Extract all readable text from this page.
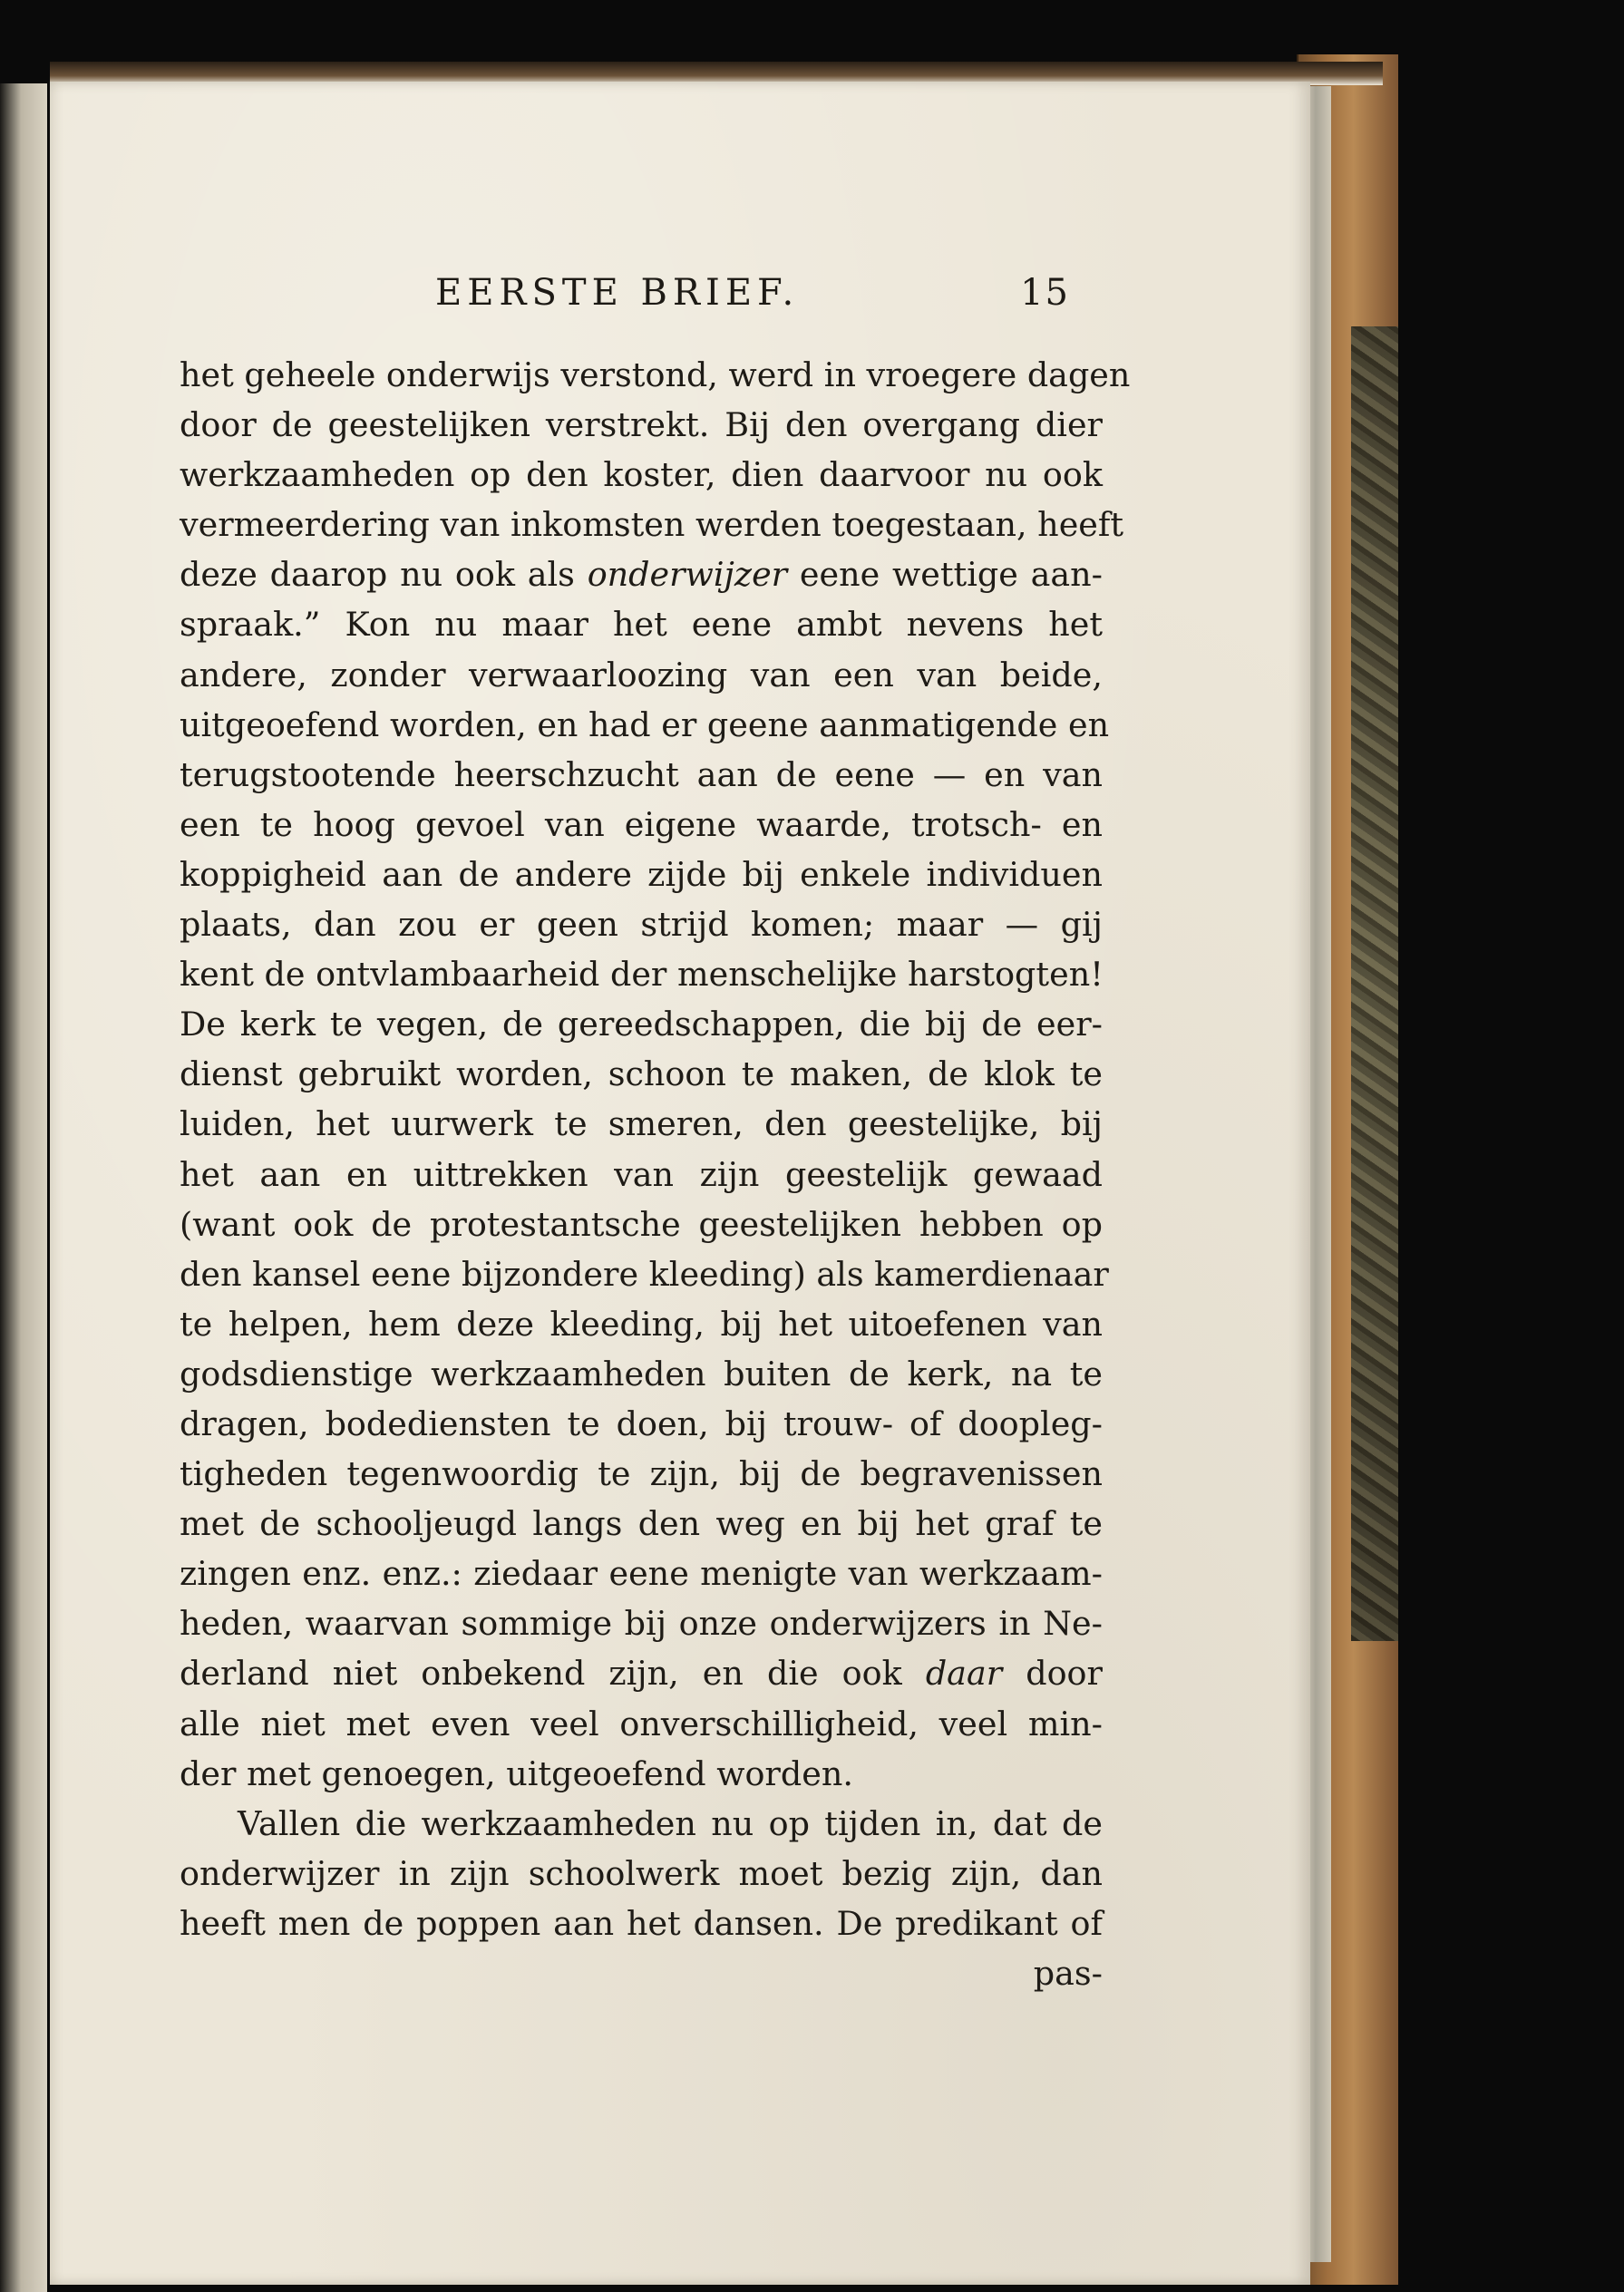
EERSTE BRIEF.	15
het geheele onderwijs verstond, werd in vroegere dagen
door de geestelijken verstrekt. Bij den overgang dier
werkzaamheden op den koster, dien daarvoor nu ook
vermeerdering van inkomsten werden toegestaan, heeft
deze daarop nu ook als onderwijzer eene wettige aan-
spraak.” Kon nu maar het eene ambt nevens het
andere, zonder verwaarloozing van een van beide,
uitgeoefend worden, en had er geene aanmatigende en
terugstootende heerschzucht aan de eene — en van
een te hoog gevoel van eigene waarde, trotsch- en
koppigheid aan de andere zijde bij enkele individuen
plaats, dan zou er geen strijd komen; maar — gij
kent de ontvlambaarheid der menschelijke harstogten!
De kerk te vegen, de gereedschappen, die bij de eer-
dienst gebruikt worden, schoon te maken, de klok te
luiden, het uurwerk te smeren, den geestelijke, bij
het aan en uittrekken van zijn geestelijk gewaad
(want ook de protestantsche geestelijken hebben op
den kansel eene bijzondere kleeding) als kamerdienaar
te helpen, hem deze kleeding, bij het uitoefenen van
godsdienstige werkzaamheden buiten de kerk, na te
dragen, bodediensten te doen, bij trouw- of doopleg-
tigheden tegenwoordig te zijn, bij de begravenissen
met de schooljeugd langs den weg en bij het graf te
zingen enz. enz.: ziedaar eene menigte van werkzaam-
heden, waarvan sommige bij onze onderwijzers in Ne-
derland niet onbekend zijn, en die ook daar door
alle niet met even veel onverschilligheid, veel min-
der met genoegen, uitgeoefend worden.
Vallen die werkzaamheden nu op tijden in, dat de
onderwijzer in zijn schoolwerk moet bezig zijn, dan
heeft men de poppen aan het dansen. De predikant of
pas-
